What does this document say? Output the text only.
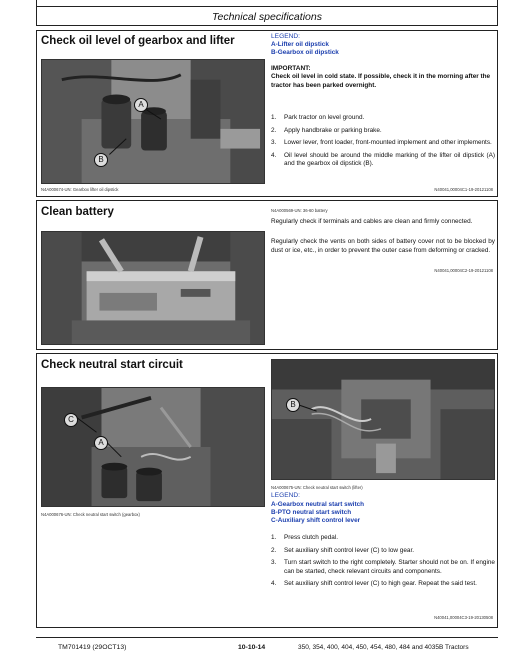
Technical specifications
Check oil level of gearbox and lifter
A
B
N4A000674-UN: Gearbox lifter oil dipstick
LEGEND:
A-Lifter oil dipstick
B-Gearbox oil dipstick
IMPORTANT:
Check oil level in cold state. If possible, check it in the morning after the tractor has been parked overnight.
1. Park tractor on level ground.
2. Apply handbrake or parking brake.
3. Lower lever, front loader, front-mounted implement and other implements.
4. Oil level should be around the middle marking of the lifter oil dipstick (A) and the gearbox oil dipstick (B).
N40041,00004C1-19-20121108
Clean battery	N4A000569-UN: 36-60 battery
Regularly check if terminals and cables are clean and firmly connected.
Regularly check the vents on both sides of battery cover not to be blocked by dust or ice, etc., in order to prevent the outer case from deforming or cracked.
N40041,00004C2-19-20121108
Check neutral start circuit
C
A
N4A000676-UN: Check neutral start switch (gearbox)
B
N4A000675-UN: Check neutral start switch (lifter)
LEGEND:
A-Gearbox neutral start switch
B-PTO neutral start switch
C-Auxiliary shift control lever
1. Press clutch pedal.
2. Set auxiliary shift control lever (C) to low gear.
3. Turn start switch to the right completely. Starter should not be on. If engine can be started, check relevant circuits and components.
4. Set auxiliary shift control lever (C) to high gear. Repeat the said test.
N40041,00004C3-19-20130508
TM701419 (29OCT13)	10-10-14	350, 354, 400, 404, 450, 454, 480, 484 and 4035B Tractors
